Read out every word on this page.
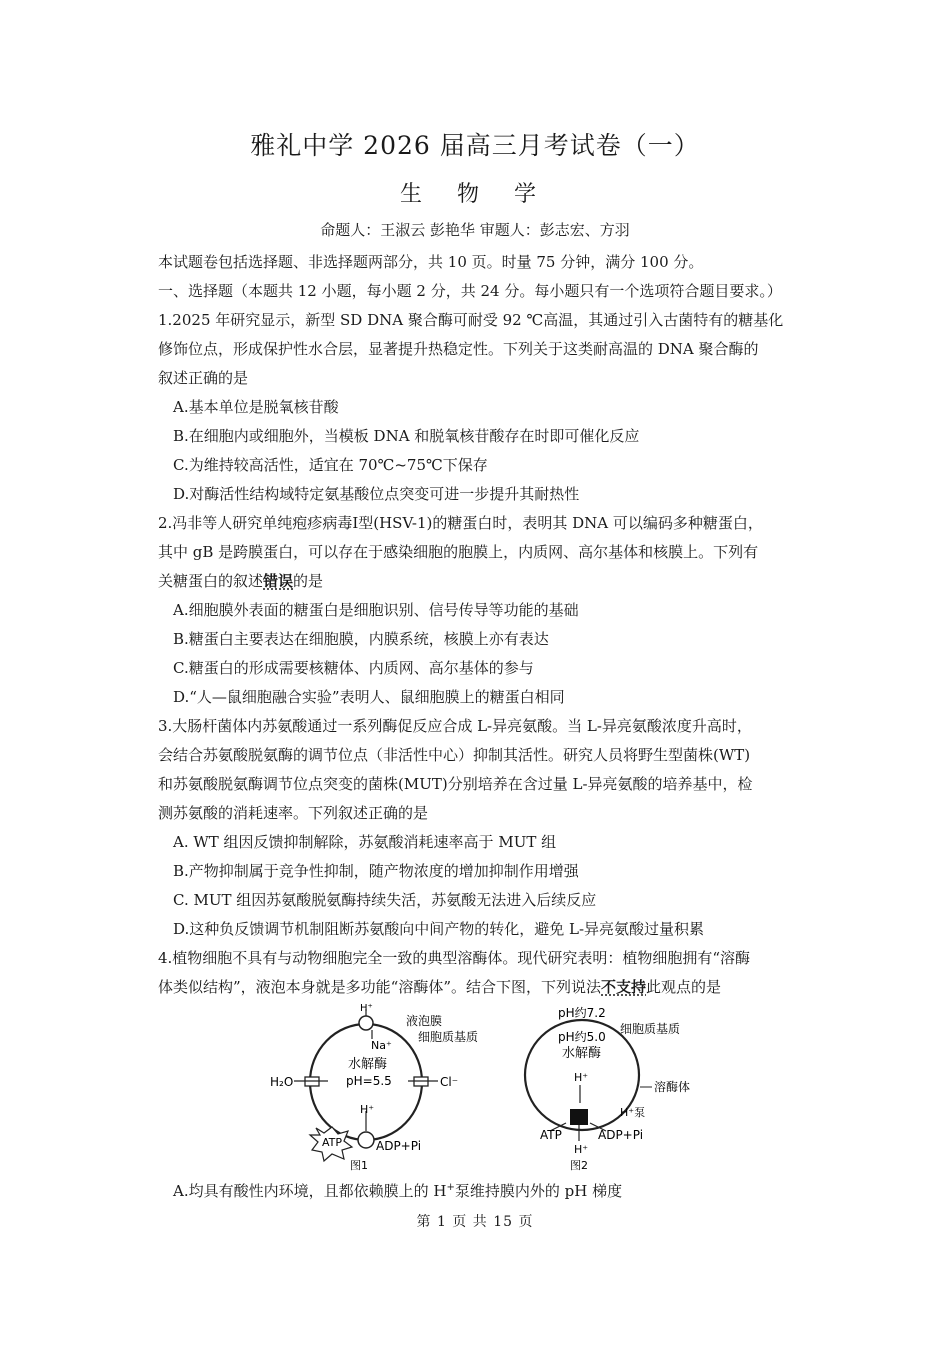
雅礼中学 2026 届高三月考试卷（一）
生 物 学
命题人：王淑云 彭艳华 审题人：彭志宏、方羽
本试题卷包括选择题、非选择题两部分，共 10 页。时量 75 分钟，满分 100 分。
一、选择题（本题共 12 小题，每小题 2 分，共 24 分。每小题只有一个选项符合题目要求。）
1.2025 年研究显示，新型 SD DNA 聚合酶可耐受 92 ℃高温，其通过引入古菌特有的糖基化
修饰位点，形成保护性水合层，显著提升热稳定性。下列关于这类耐高温的 DNA 聚合酶的
叙述正确的是
A.基本单位是脱氧核苷酸
B.在细胞内或细胞外，当模板 DNA 和脱氧核苷酸存在时即可催化反应
C.为维持较高活性，适宜在 70℃~75℃下保存
D.对酶活性结构域特定氨基酸位点突变可进一步提升其耐热性
2.冯非等人研究单纯疱疹病毒Ⅰ型(HSV-1)的糖蛋白时，表明其 DNA 可以编码多种糖蛋白，
其中 gB 是跨膜蛋白，可以存在于感染细胞的胞膜上，内质网、高尔基体和核膜上。下列有
关糖蛋白的叙述错误的是
A.细胞膜外表面的糖蛋白是细胞识别、信号传导等功能的基础
B.糖蛋白主要表达在细胞膜，内膜系统，核膜上亦有表达
C.糖蛋白的形成需要核糖体、内质网、高尔基体的参与
D.“人—鼠细胞融合实验”表明人、鼠细胞膜上的糖蛋白相同
3.大肠杆菌体内苏氨酸通过一系列酶促反应合成 L-异亮氨酸。当 L-异亮氨酸浓度升高时，
会结合苏氨酸脱氨酶的调节位点（非活性中心）抑制其活性。研究人员将野生型菌株(WT)
和苏氨酸脱氨酶调节位点突变的菌株(MUT)分别培养在含过量 L-异亮氨酸的培养基中，检
测苏氨酸的消耗速率。下列叙述正确的是
A. WT 组因反馈抑制解除，苏氨酸消耗速率高于 MUT 组
B.产物抑制属于竞争性抑制，随产物浓度的增加抑制作用增强
C. MUT 组因苏氨酸脱氨酶持续失活，苏氨酸无法进入后续反应
D.这种负反馈调节机制阻断苏氨酸向中间产物的转化，避免 L-异亮氨酸过量积累
4.植物细胞不具有与动物细胞完全一致的典型溶酶体。现代研究表明：植物细胞拥有“溶酶
体类似结构”，液泡本身就是多功能“溶酶体”。结合下图，下列说法不支持此观点的是
H⁺
液泡膜
细胞质基质
Na⁺
水解酶
pH=5.5
H₂O	Cl⁻
H⁺
ATP	ADP+Pi
图1
pH约7.2
细胞质基质
pH约5.0
水解酶
H⁺
溶酶体
H⁺泵
ATP	ADP+Pi
H⁺
图2
A.均具有酸性内环境，且都依赖膜上的 H+泵维持膜内外的 pH 梯度
第 1 页 共 15 页
